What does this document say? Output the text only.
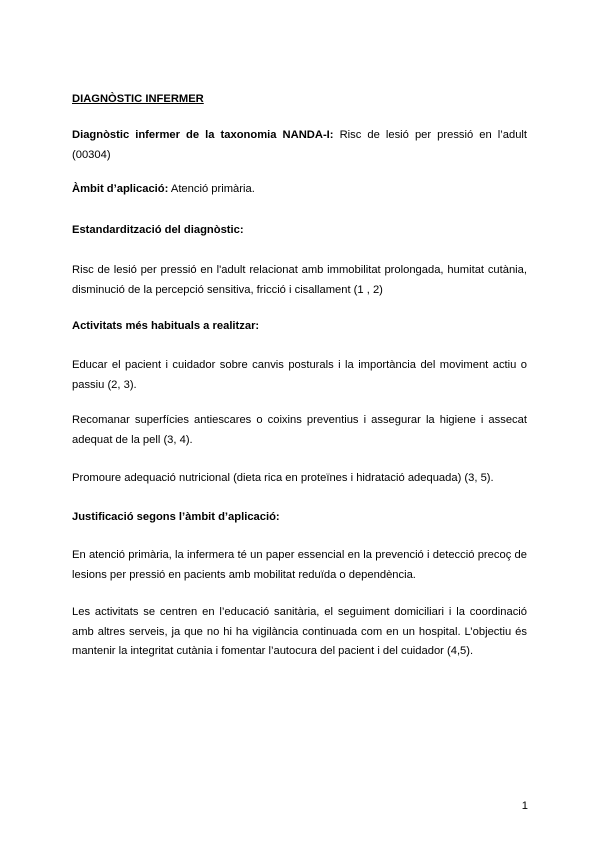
DIAGNÒSTIC INFERMER

Diagnòstic infermer de la taxonomia NANDA-I: Risc de lesió per pressió en l’adult (00304)

Àmbit d’aplicació: Atenció primària.

Estandardització del diagnòstic:

Risc de lesió per pressió en l'adult relacionat amb immobilitat prolongada, humitat cutània, disminució de la percepció sensitiva, fricció i cisallament (1 , 2)

Activitats més habituals a realitzar:

Educar el pacient i cuidador sobre canvis posturals i la importància del moviment actiu o passiu (2, 3).

Recomanar superfícies antiescares o coixins preventius i assegurar la higiene i assecat adequat de la pell (3, 4).

Promoure adequació nutricional (dieta rica en proteïnes i hidratació adequada) (3, 5).

Justificació segons l’àmbit d’aplicació:

En atenció primària, la infermera té un paper essencial en la prevenció i detecció precoç de lesions per pressió en pacients amb mobilitat reduïda o dependència.

Les activitats se centren en l’educació sanitària, el seguiment domiciliari i la coordinació amb altres serveis, ja que no hi ha vigilància continuada com en un hospital. L’objectiu és mantenir la integritat cutània i fomentar l’autocura del pacient i del cuidador (4,5).

1
